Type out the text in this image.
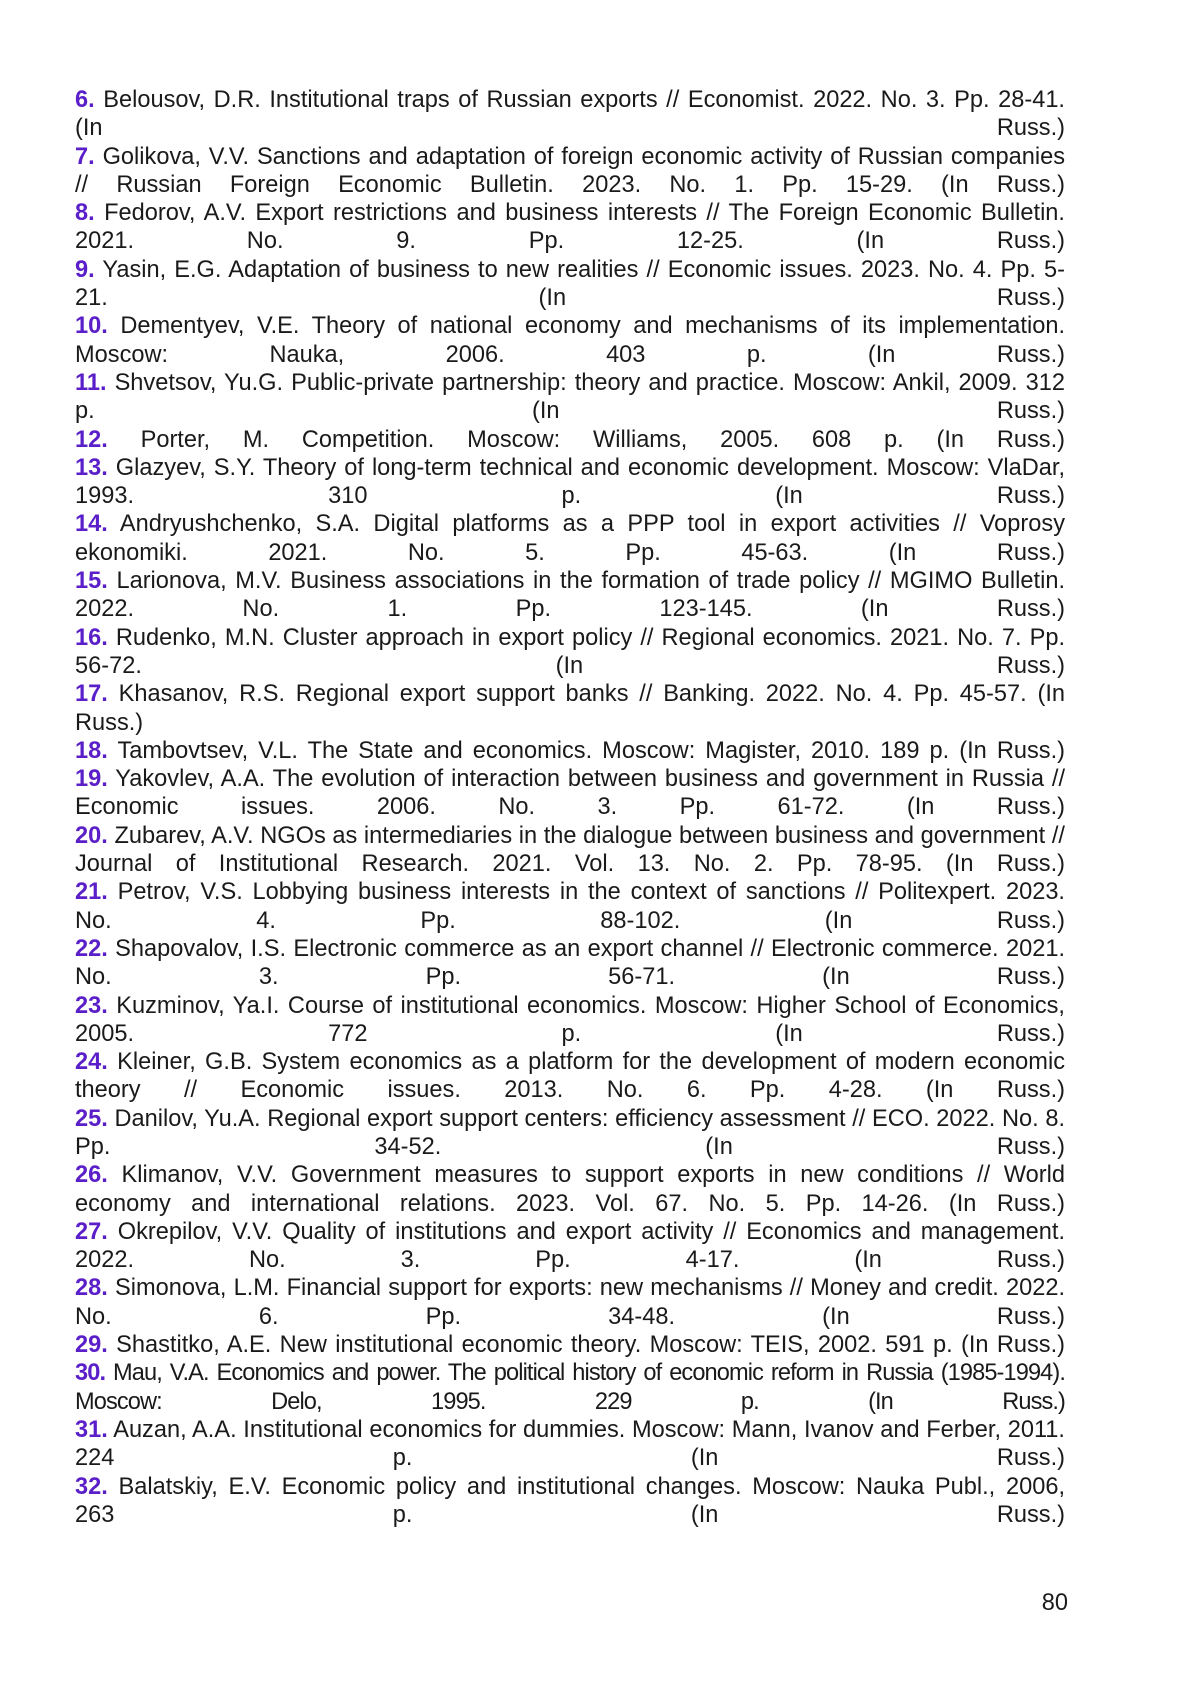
6. Belousov, D.R. Institutional traps of Russian exports // Economist. 2022. No. 3. Pp. 28-41. (In Russ.)
7. Golikova, V.V. Sanctions and adaptation of foreign economic activity of Russian companies // Russian Foreign Economic Bulletin. 2023. No. 1. Pp. 15-29. (In Russ.)
8. Fedorov, A.V. Export restrictions and business interests // The Foreign Economic Bulletin. 2021. No. 9. Pp. 12-25. (In Russ.)
9. Yasin, E.G. Adaptation of business to new realities // Economic issues. 2023. No. 4. Pp. 5-21. (In Russ.)
10. Dementyev, V.E. Theory of national economy and mechanisms of its implementation. Moscow: Nauka, 2006. 403 p. (In Russ.)
11. Shvetsov, Yu.G. Public-private partnership: theory and practice. Moscow: Ankil, 2009. 312 p. (In Russ.)
12. Porter, M. Competition. Moscow: Williams, 2005. 608 p. (In Russ.)
13. Glazyev, S.Y. Theory of long-term technical and economic development. Moscow: VlaDar, 1993. 310 p. (In Russ.)
14. Andryushchenko, S.A. Digital platforms as a PPP tool in export activities // Voprosy ekonomiki. 2021. No. 5. Pp. 45-63. (In Russ.)
15. Larionova, M.V. Business associations in the formation of trade policy // MGIMO Bulletin. 2022. No. 1. Pp. 123-145. (In Russ.)
16. Rudenko, M.N. Cluster approach in export policy // Regional economics. 2021. No. 7. Pp. 56-72. (In Russ.)
17. Khasanov, R.S. Regional export support banks // Banking. 2022. No. 4. Pp. 45-57. (In Russ.)
18. Tambovtsev, V.L. The State and economics. Moscow: Magister, 2010. 189 p. (In Russ.)
19. Yakovlev, A.A. The evolution of interaction between business and government in Russia // Economic issues. 2006. No. 3. Pp. 61-72. (In Russ.)
20. Zubarev, A.V. NGOs as intermediaries in the dialogue between business and government // Journal of Institutional Research. 2021. Vol. 13. No. 2. Pp. 78-95. (In Russ.)
21. Petrov, V.S. Lobbying business interests in the context of sanctions // Politexpert. 2023. No. 4. Pp. 88-102. (In Russ.)
22. Shapovalov, I.S. Electronic commerce as an export channel // Electronic commerce. 2021. No. 3. Pp. 56-71. (In Russ.)
23. Kuzminov, Ya.I. Course of institutional economics. Moscow: Higher School of Economics, 2005. 772 p. (In Russ.)
24. Kleiner, G.B. System economics as a platform for the development of modern economic theory // Economic issues. 2013. No. 6. Pp. 4-28. (In Russ.)
25. Danilov, Yu.A. Regional export support centers: efficiency assessment // ECO. 2022. No. 8. Pp. 34-52. (In Russ.)
26. Klimanov, V.V. Government measures to support exports in new conditions // World economy and international relations. 2023. Vol. 67. No. 5. Pp. 14-26. (In Russ.)
27. Okrepilov, V.V. Quality of institutions and export activity // Economics and management. 2022. No. 3. Pp. 4-17. (In Russ.)
28. Simonova, L.M. Financial support for exports: new mechanisms // Money and credit. 2022. No. 6. Pp. 34-48. (In Russ.)
29. Shastitko, A.E. New institutional economic theory. Moscow: TEIS, 2002. 591 p. (In Russ.)
30. Mau, V.A. Economics and power. The political history of economic reform in Russia (1985-1994). Moscow: Delo, 1995. 229 p. (In Russ.)
31. Auzan, A.A. Institutional economics for dummies. Moscow: Mann, Ivanov and Ferber, 2011. 224 p. (In Russ.)
32. Balatskiy, E.V. Economic policy and institutional changes. Moscow: Nauka Publ., 2006, 263 p. (In Russ.)
80
